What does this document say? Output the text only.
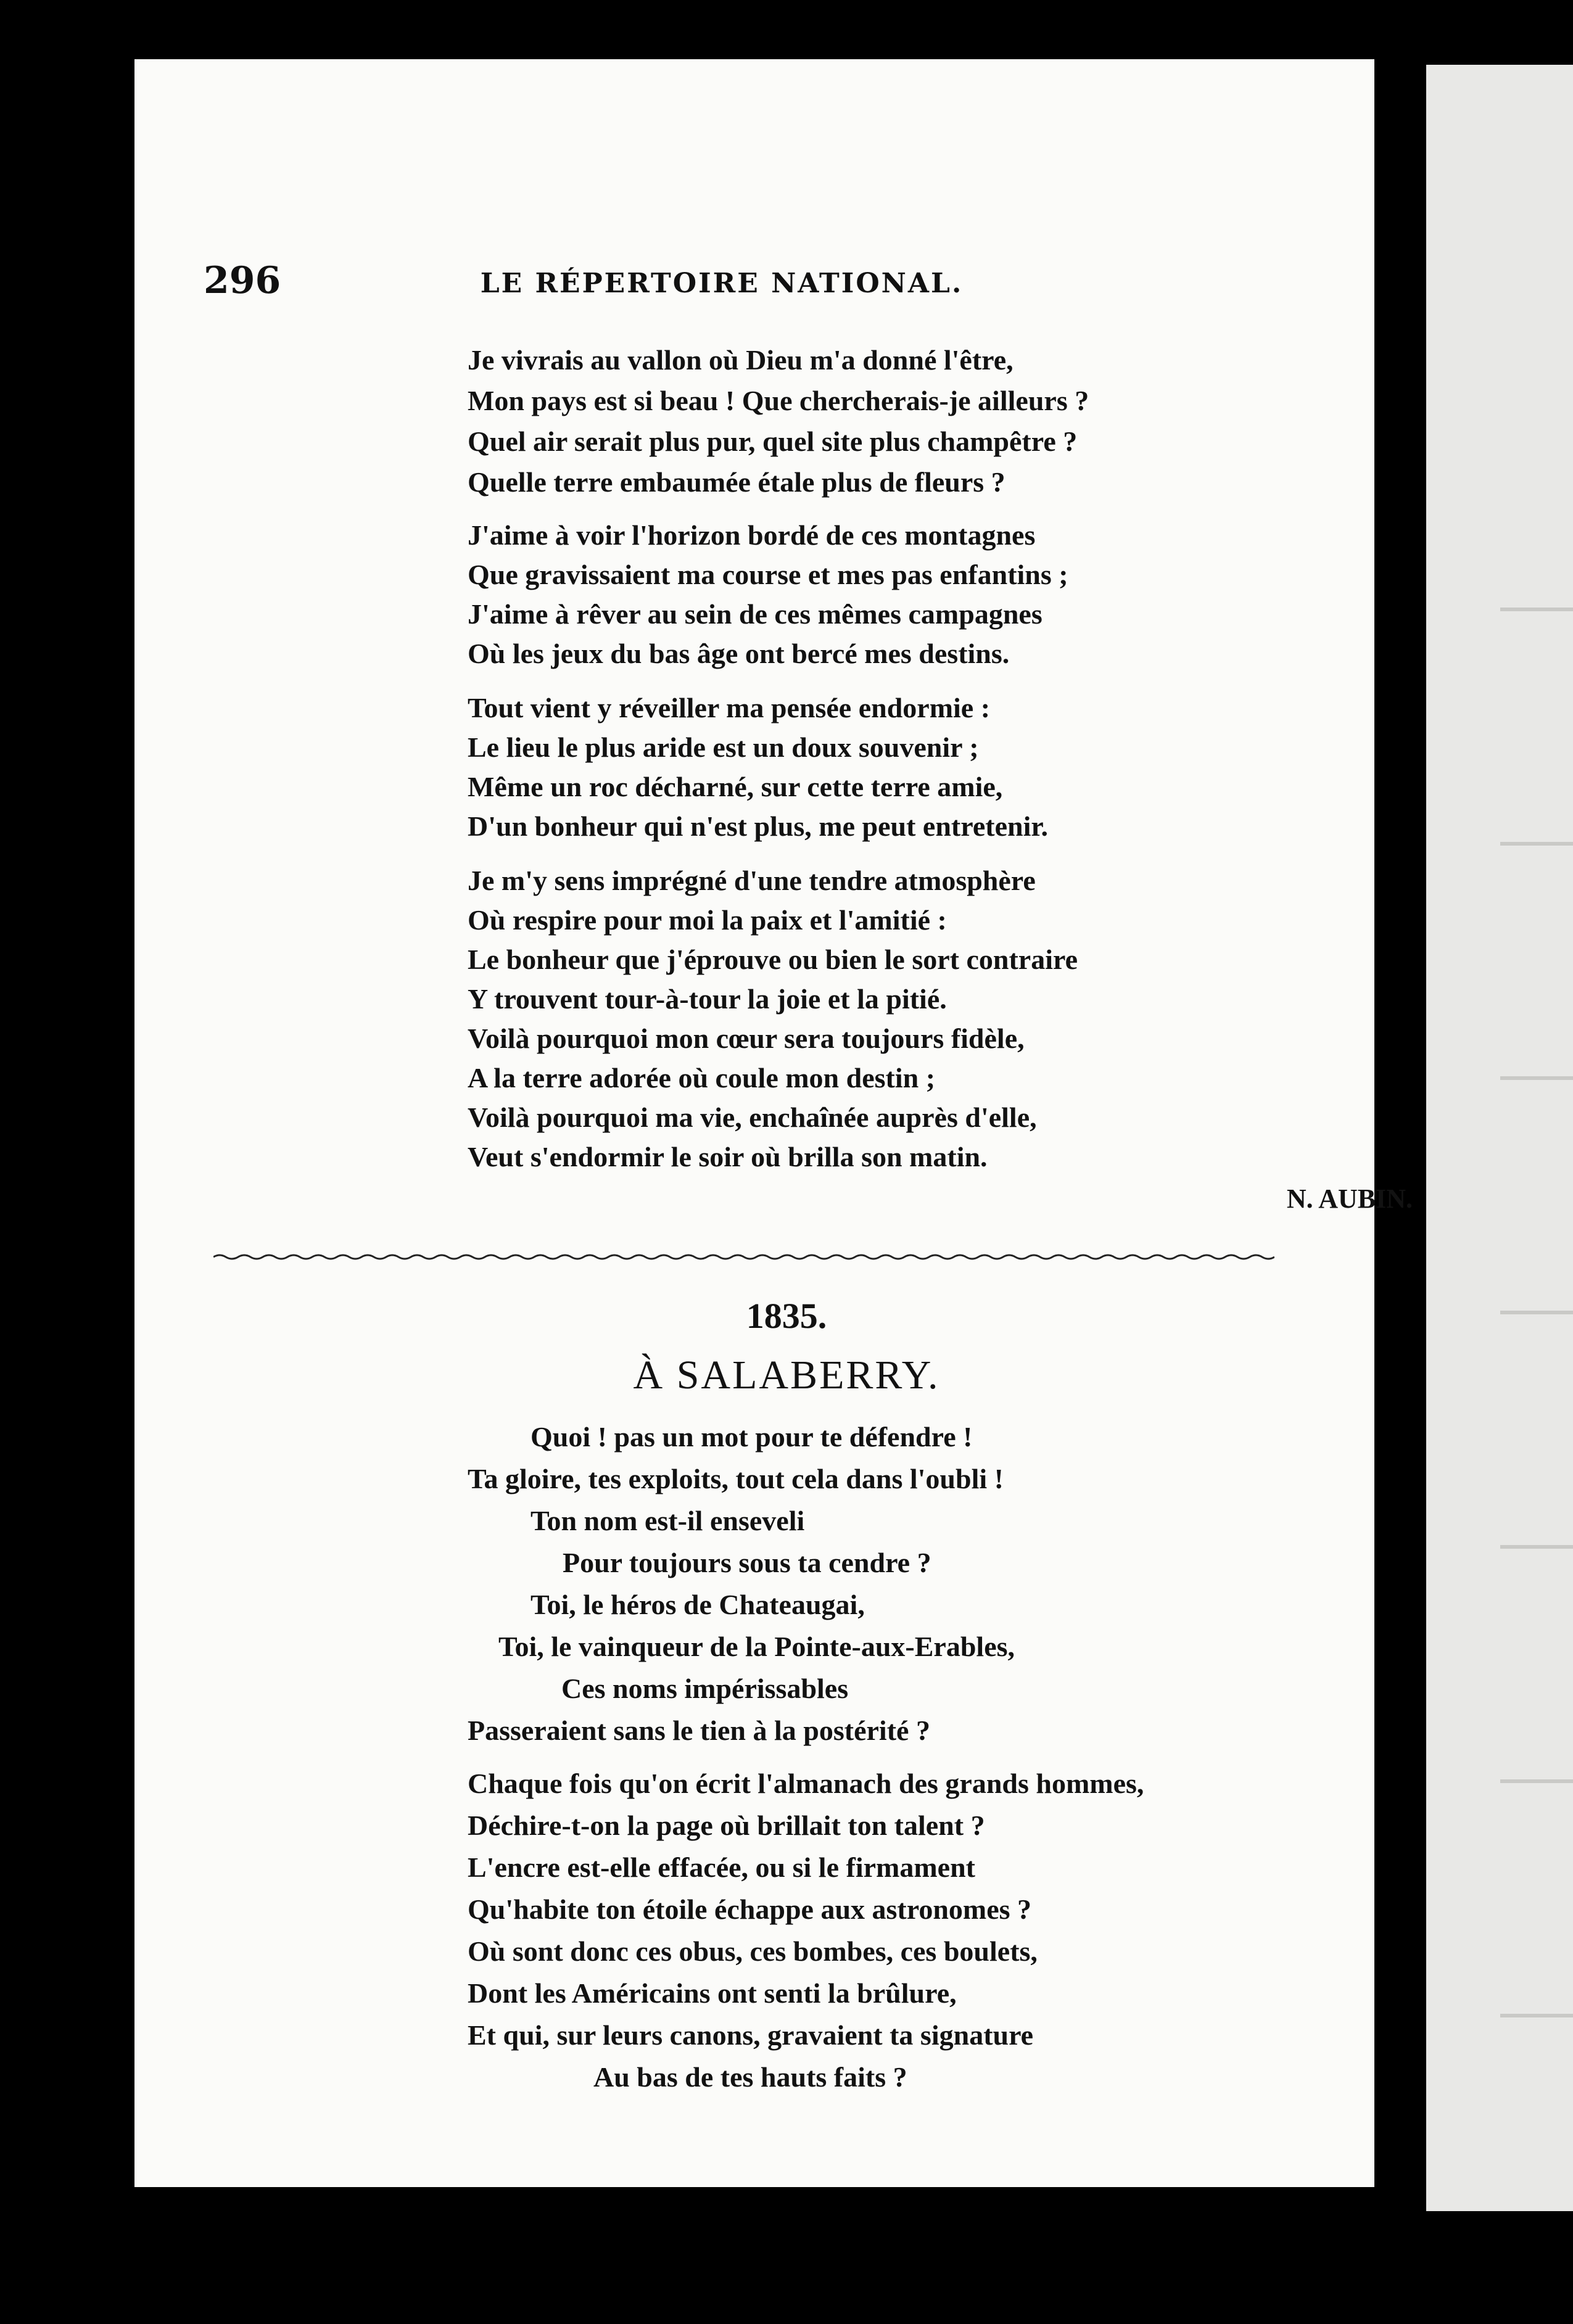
296	LE RÉPERTOIRE NATIONAL.
Je vivrais au vallon où Dieu m'a donné l'être,
Mon pays est si beau ! Que chercherais-je ailleurs ?
Quel air serait plus pur, quel site plus champêtre ?
Quelle terre embaumée étale plus de fleurs ?
J'aime à voir l'horizon bordé de ces montagnes
Que gravissaient ma course et mes pas enfantins ;
J'aime à rêver au sein de ces mêmes campagnes
Où les jeux du bas âge ont bercé mes destins.
Tout vient y réveiller ma pensée endormie :
Le lieu le plus aride est un doux souvenir ;
Même un roc décharné, sur cette terre amie,
D'un bonheur qui n'est plus, me peut entretenir.
Je m'y sens imprégné d'une tendre atmosphère
Où respire pour moi la paix et l'amitié :
Le bonheur que j'éprouve ou bien le sort contraire
Y trouvent tour-à-tour la joie et la pitié.
Voilà pourquoi mon cœur sera toujours fidèle,
A la terre adorée où coule mon destin ;
Voilà pourquoi ma vie, enchaînée auprès d'elle,
Veut s'endormir le soir où brilla son matin.
N. AUBIN.
1835.
À SALABERRY.
Quoi ! pas un mot pour te défendre !
Ta gloire, tes exploits, tout cela dans l'oubli !
Ton nom est-il enseveli
Pour toujours sous ta cendre ?
Toi, le héros de Chateaugai,
Toi, le vainqueur de la Pointe-aux-Erables,
Ces noms impérissables
Passeraient sans le tien à la postérité ?
Chaque fois qu'on écrit l'almanach des grands hommes,
Déchire-t-on la page où brillait ton talent ?
L'encre est-elle effacée, ou si le firmament
Qu'habite ton étoile échappe aux astronomes ?
Où sont donc ces obus, ces bombes, ces boulets,
Dont les Américains ont senti la brûlure,
Et qui, sur leurs canons, gravaient ta signature
Au bas de tes hauts faits ?
